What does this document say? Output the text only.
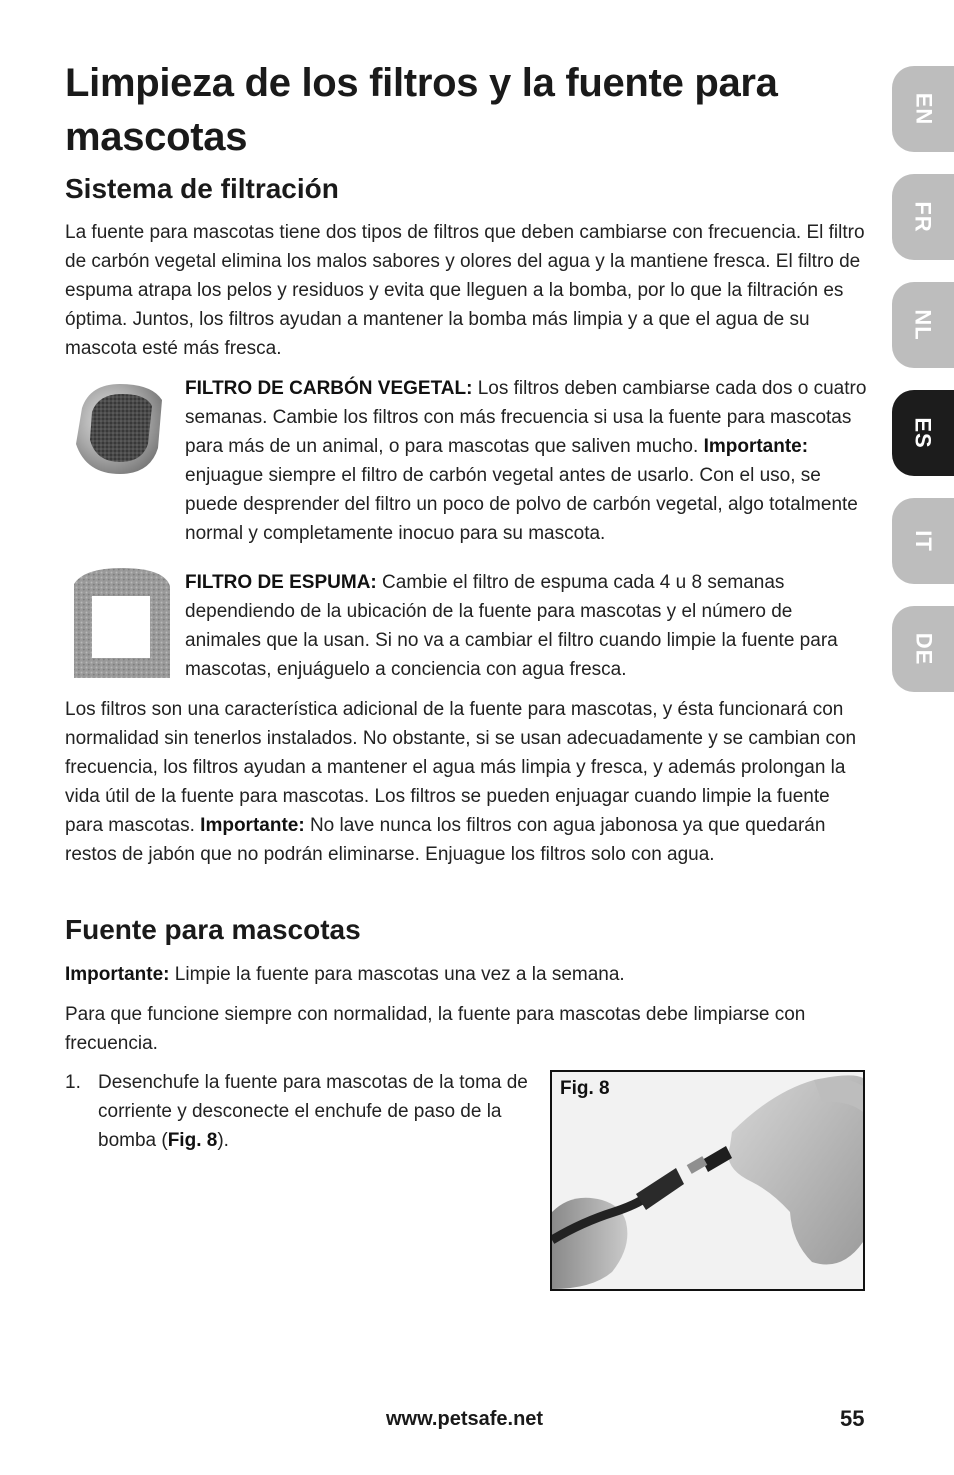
Limpieza de los filtros y la fuente para mascotas
Sistema de filtración

La fuente para mascotas tiene dos tipos de filtros que deben cambiarse con frecuencia. El filtro de carbón vegetal elimina los malos sabores y olores del agua y la mantiene fresca. El filtro de espuma atrapa los pelos y residuos y evita que lleguen a la bomba, por lo que la filtración es óptima. Juntos, los filtros ayudan a mantener la bomba más limpia y a que el agua de su mascota esté más fresca.

FILTRO DE CARBÓN VEGETAL: Los filtros deben cambiarse cada dos o cuatro semanas. Cambie los filtros con más frecuencia si usa la fuente para mascotas para más de un animal, o para mascotas que saliven mucho. Importante: enjuague siempre el filtro de carbón vegetal antes de usarlo. Con el uso, se puede desprender del filtro un poco de polvo de carbón vegetal, algo totalmente normal y completamente inocuo para su mascota.

FILTRO DE ESPUMA: Cambie el filtro de espuma cada 4 u 8 semanas dependiendo de la ubicación de la fuente para mascotas y el número de animales que la usan. Si no va a cambiar el filtro cuando limpie la fuente para mascotas, enjuáguelo a conciencia con agua fresca.

Los filtros son una característica adicional de la fuente para mascotas, y ésta funcionará con normalidad sin tenerlos instalados. No obstante, si se usan adecuadamente y se cambian con frecuencia, los filtros ayudan a mantener el agua más limpia y fresca, y además prolongan la vida útil de la fuente para mascotas. Los filtros se pueden enjuagar cuando limpie la fuente para mascotas. Importante: No lave nunca los filtros con agua jabonosa ya que quedarán restos de jabón que no podrán eliminarse. Enjuague los filtros solo con agua.

Fuente para mascotas

Importante: Limpie la fuente para mascotas una vez a la semana.

Para que funcione siempre con normalidad, la fuente para mascotas debe limpiarse con frecuencia.

1. Desenchufe la fuente para mascotas de la toma de corriente y desconecte el enchufe de paso de la bomba (Fig. 8).
Fig. 8
EN
FR
NL
ES
IT
DE
www.petsafe.net	55
